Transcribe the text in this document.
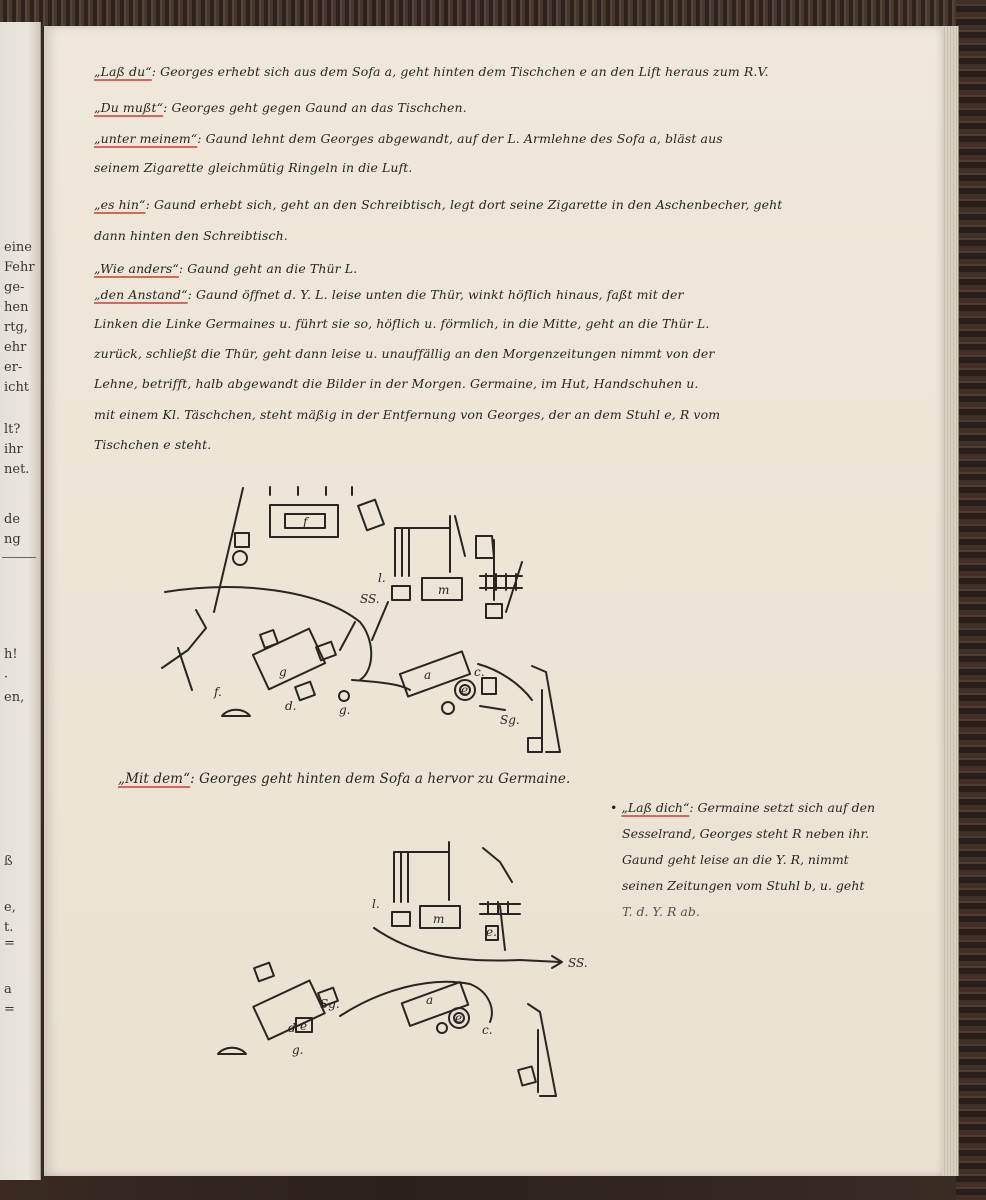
eine
Fehr
ge-
hen
rtg,
ehr
er-
icht
lt?
ihr
net.
de
ng
h!
·
en,
ß
e,
t.
=
a
=
„Laß du“: Georges erhebt sich aus dem Sofa a, geht hinten dem Tischchen e an den Lift heraus zum R.V.
„Du mußt“: Georges geht gegen Gaund an das Tischchen.
„unter meinem“: Gaund lehnt dem Georges abgewandt, auf der L. Armlehne des Sofa a, bläst aus
seinem Zigarette gleichmütig Ringeln in die Luft.
„es hin“: Gaund erhebt sich, geht an den Schreibtisch, legt dort seine Zigarette in den Aschenbecher, geht
dann hinten den Schreibtisch.
„Wie anders“: Gaund geht an die Thür L.
„den Anstand“: Gaund öffnet d. Y. L. leise unten die Thür, winkt höflich hinaus, faßt mit der
Linken die Linke Germaines u. führt sie so, höflich u. förmlich, in die Mitte, geht an die Thür L.
zurück, schließt die Thür, geht dann leise u. unauffällig an den Morgenzeitungen nimmt von der
Lehne, betrifft, halb abgewandt die Bilder in der Morgen. Germaine, im Hut, Handschuhen u.
mit einem Kl. Täschchen, steht mäßig in der Entfernung von Georges, der an dem Stuhl e, R vom
Tischchen e steht.
„Mit dem“: Georges geht hinten dem Sofa a hervor zu Germaine.
• „Laß dich“: Germaine setzt sich auf den
Sesselrand, Georges steht R neben ihr.
Gaund geht leise an die Y. R, nimmt
seinen Zeitungen vom Stuhl b, u. geht
T. d. Y. R ab.
f
m
l.
SS.
g	a
e
c.
g.
d.
Sg.
f.
l.
m
e.
SS.
a
e
c.
Sg.
d e
g.
